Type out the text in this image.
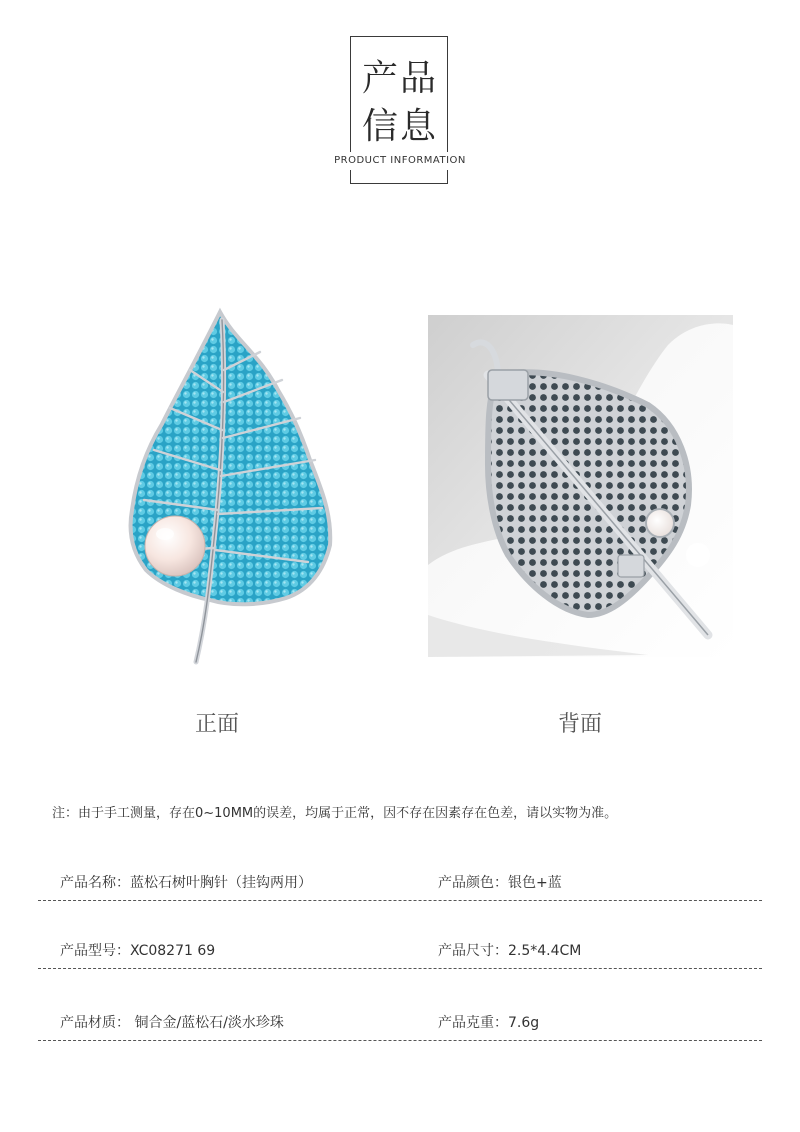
产品
信息
PRODUCT INFORMATION
正面	背面
注：由于手工测量，存在0~10MM的误差，均属于正常，因不存在因素存在色差，请以实物为准。
产品名称：蓝松石树叶胸针（挂钩两用）	产品颜色：银色+蓝
产品型号：XC08271 69	产品尺寸：2.5*4.4CM
产品材质： 铜合金/蓝松石/淡水珍珠	产品克重：7.6g
